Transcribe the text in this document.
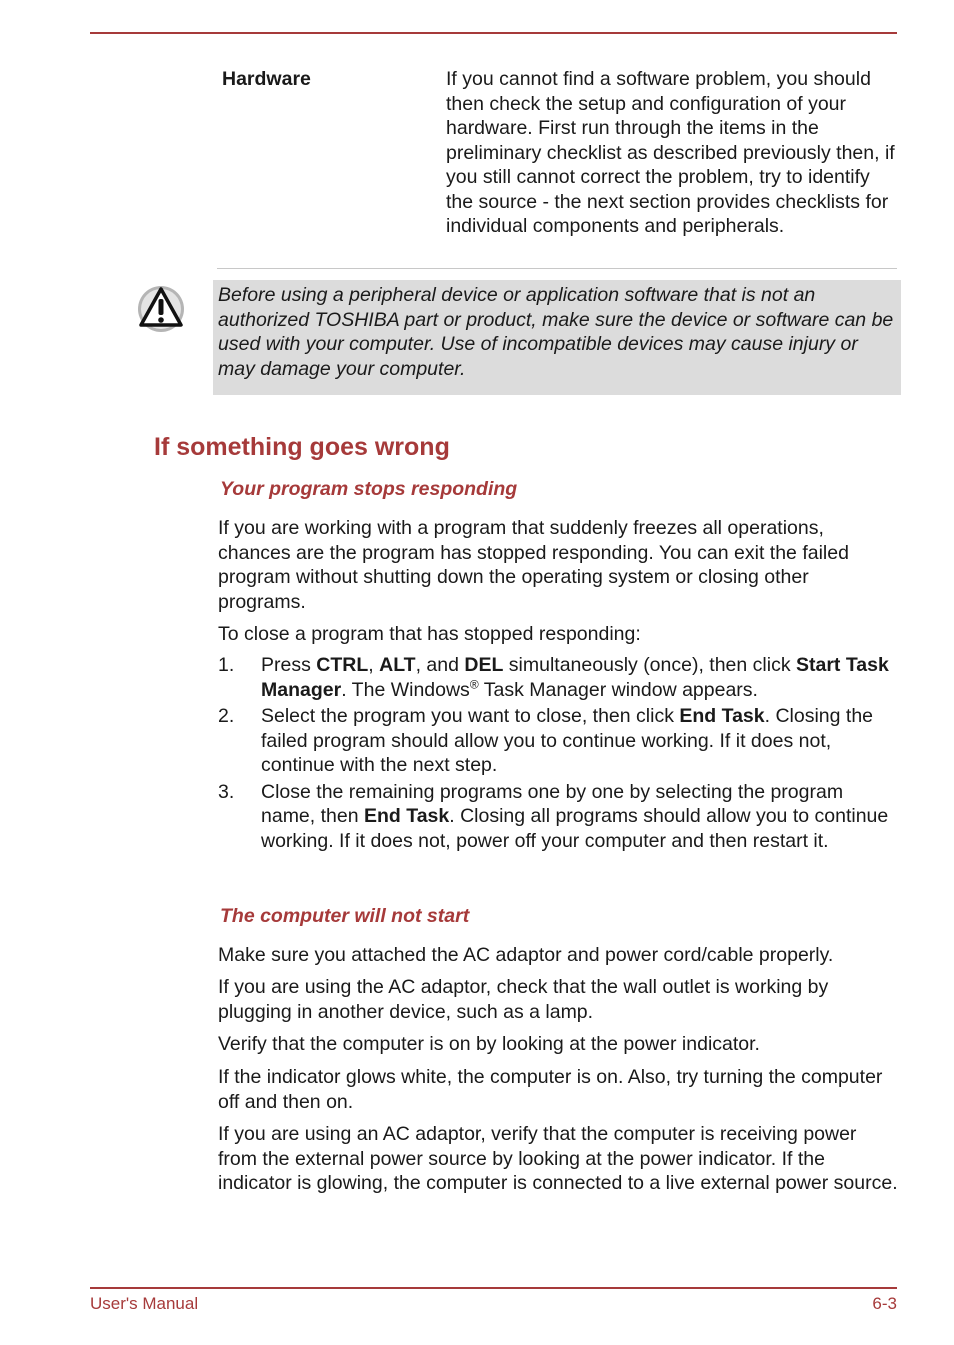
Hardware	If you cannot find a software problem, you should then check the setup and configuration of your hardware. First run through the items in the preliminary checklist as described previously then, if you still cannot correct the problem, try to identify the source - the next section provides checklists for individual components and peripherals.

Before using a peripheral device or application software that is not an authorized TOSHIBA part or product, make sure the device or software can be used with your computer. Use of incompatible devices may cause injury or may damage your computer.

If something goes wrong
Your program stops responding

If you are working with a program that suddenly freezes all operations, chances are the program has stopped responding. You can exit the failed program without shutting down the operating system or closing other programs.

To close a program that has stopped responding:

1. Press CTRL, ALT, and DEL simultaneously (once), then click Start Task Manager. The Windows® Task Manager window appears.
2. Select the program you want to close, then click End Task. Closing the failed program should allow you to continue working. If it does not, continue with the next step.
3. Close the remaining programs one by one by selecting the program name, then End Task. Closing all programs should allow you to continue working. If it does not, power off your computer and then restart it.
The computer will not start

Make sure you attached the AC adaptor and power cord/cable properly.

If you are using the AC adaptor, check that the wall outlet is working by plugging in another device, such as a lamp.

Verify that the computer is on by looking at the power indicator.

If the indicator glows white, the computer is on. Also, try turning the computer off and then on.

If you are using an AC adaptor, verify that the computer is receiving power from the external power source by looking at the power indicator. If the indicator is glowing, the computer is connected to a live external power source.

User's Manual	6-3
